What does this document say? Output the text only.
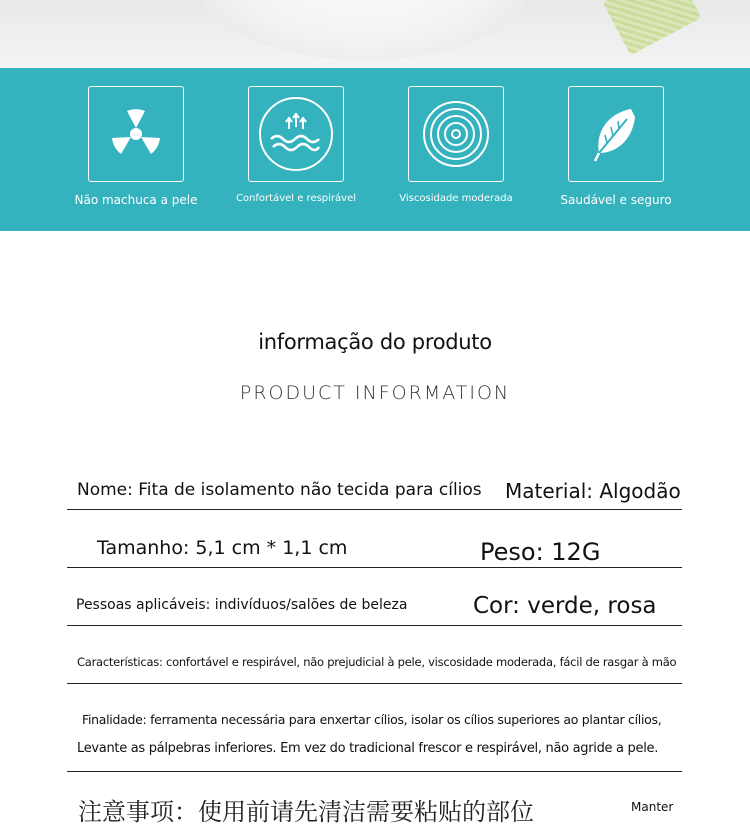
Não machuca a pele	Confortável e respirável	Viscosidade moderada	Saudável e seguro
informação do produto
PRODUCT INFORMATION
Nome: Fita de isolamento não tecida para cílios Material: Algodão
Tamanho: 5,1 cm * 1,1 cm	Peso: 12G
Pessoas aplicáveis: indivíduos/salões de beleza	Cor: verde, rosa
Características: confortável e respirável, não prejudicial à pele, viscosidade moderada, fácil de rasgar à mão
Finalidade: ferramenta necessária para enxertar cílios, isolar os cílios superiores ao plantar cílios,
Levante as pálpebras inferiores. Em vez do tradicional frescor e respirável, não agride a pele.
注意事项：使用前请先清洁需要粘贴的部位	Manter
